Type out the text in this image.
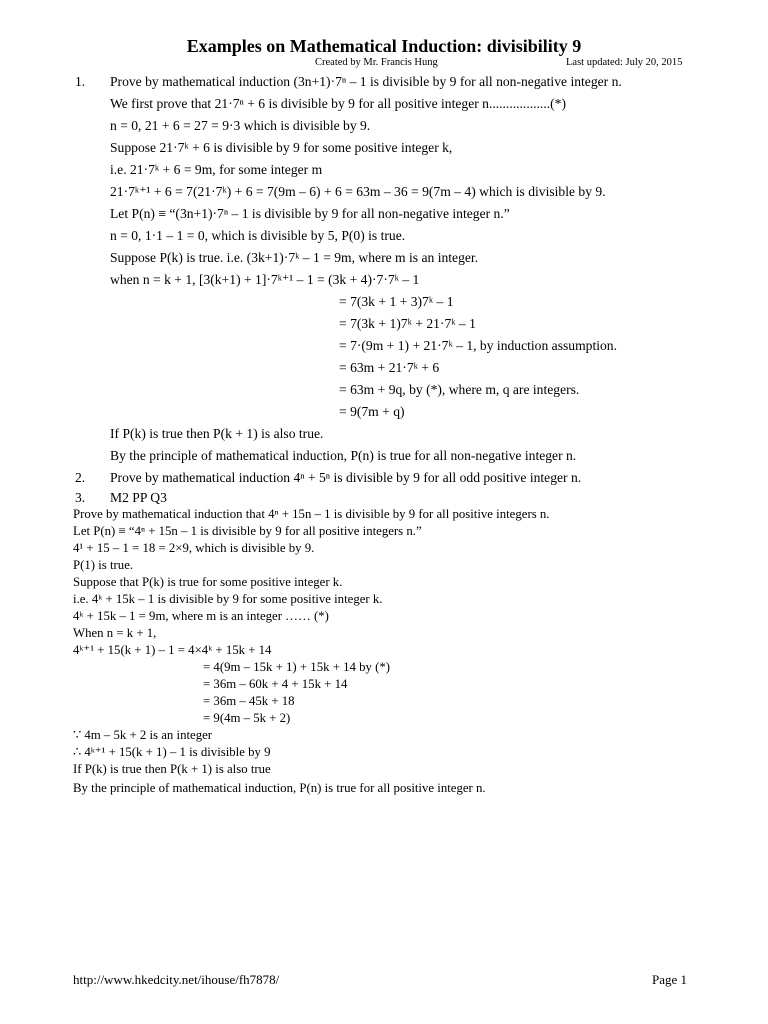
Examples on Mathematical Induction: divisibility 9
Created by Mr. Francis Hung	Last updated: July 20, 2015
1. Prove by mathematical induction (3n+1)·7ⁿ – 1 is divisible by 9 for all non-negative integer n.
We first prove that 21·7ⁿ + 6 is divisible by 9 for all positive integer n..................(*)
n = 0, 21 + 6 = 27 = 9·3 which is divisible by 9.
Suppose 21·7ᵏ + 6 is divisible by 9 for some positive integer k,
i.e. 21·7ᵏ + 6 = 9m, for some integer m
21·7ᵏ⁺¹ + 6 = 7(21·7ᵏ) + 6 = 7(9m – 6) + 6 = 63m – 36 = 9(7m – 4) which is divisible by 9.
Let P(n) ≡ “(3n+1)·7ⁿ – 1 is divisible by 9 for all non-negative integer n.”
n = 0, 1·1 – 1 = 0, which is divisible by 5, P(0) is true.
Suppose P(k) is true. i.e. (3k+1)·7ᵏ – 1 = 9m, where m is an integer.
when n = k + 1, [3(k+1) + 1]·7ᵏ⁺¹ – 1 = (3k + 4)·7·7ᵏ – 1
= 7(3k + 1 + 3)7ᵏ – 1
= 7(3k + 1)7ᵏ + 21·7ᵏ – 1
= 7·(9m + 1) + 21·7ᵏ – 1, by induction assumption.
= 63m + 21·7ᵏ + 6
= 63m + 9q, by (*), where m, q are integers.
= 9(7m + q)
If P(k) is true then P(k + 1) is also true.
By the principle of mathematical induction, P(n) is true for all non-negative integer n.
2. Prove by mathematical induction 4ⁿ + 5ⁿ is divisible by 9 for all odd positive integer n.
3. M2 PP Q3
Prove by mathematical induction that 4ⁿ + 15n – 1 is divisible by 9 for all positive integers n.
Let P(n) ≡ “4ⁿ + 15n – 1 is divisible by 9 for all positive integers n.”
4¹ + 15 – 1 = 18 = 2×9, which is divisible by 9.
P(1) is true.
Suppose that P(k) is true for some positive integer k.
i.e. 4ᵏ + 15k – 1 is divisible by 9 for some positive integer k.
4ᵏ + 15k – 1 = 9m, where m is an integer …… (*)
When n = k + 1,
4ᵏ⁺¹ + 15(k + 1) – 1 = 4×4ᵏ + 15k + 14
= 4(9m – 15k + 1) + 15k + 14 by (*)
= 36m – 60k + 4 + 15k + 14
= 36m – 45k + 18
= 9(4m – 5k + 2)
∵ 4m – 5k + 2 is an integer
∴ 4ᵏ⁺¹ + 15(k + 1) – 1 is divisible by 9
If P(k) is true then P(k + 1) is also true
By the principle of mathematical induction, P(n) is true for all positive integer n.
http://www.hkedcity.net/ihouse/fh7878/	Page 1
